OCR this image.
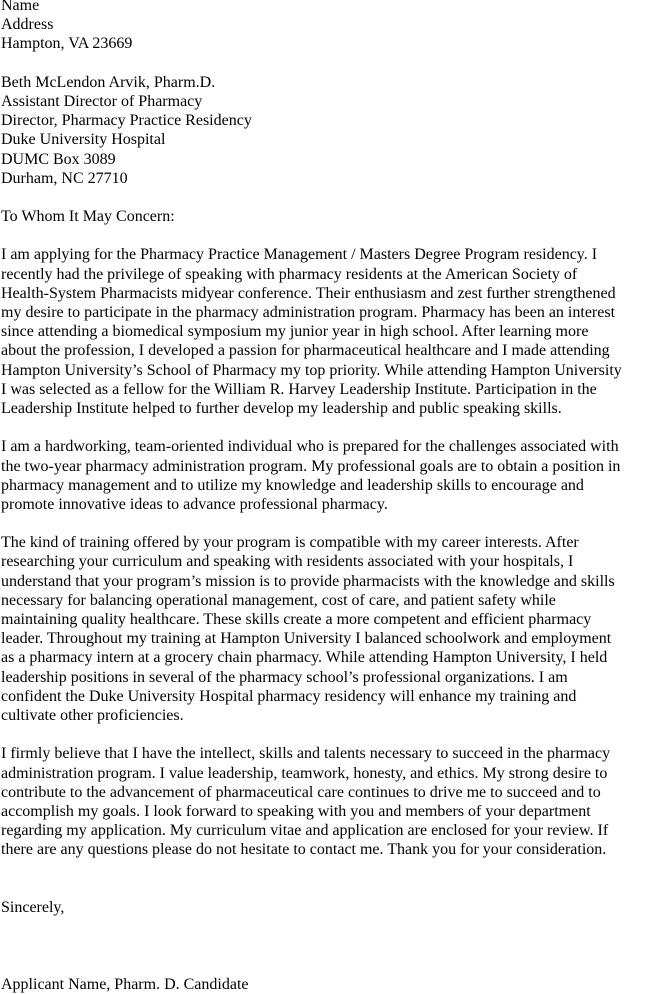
Name
Address
Hampton, VA 23669
Beth McLendon Arvik, Pharm.D.
Assistant Director of Pharmacy
Director, Pharmacy Practice Residency
Duke University Hospital
DUMC Box 3089
Durham, NC 27710
To Whom It May Concern:
I am applying for the Pharmacy Practice Management / Masters Degree Program residency. I
recently had the privilege of speaking with pharmacy residents at the American Society of
Health-System Pharmacists midyear conference. Their enthusiasm and zest further strengthened
my desire to participate in the pharmacy administration program. Pharmacy has been an interest
since attending a biomedical symposium my junior year in high school. After learning more
about the profession, I developed a passion for pharmaceutical healthcare and I made attending
Hampton University’s School of Pharmacy my top priority. While attending Hampton University
I was selected as a fellow for the William R. Harvey Leadership Institute. Participation in the
Leadership Institute helped to further develop my leadership and public speaking skills.
I am a hardworking, team-oriented individual who is prepared for the challenges associated with
the two-year pharmacy administration program. My professional goals are to obtain a position in
pharmacy management and to utilize my knowledge and leadership skills to encourage and
promote innovative ideas to advance professional pharmacy.
The kind of training offered by your program is compatible with my career interests. After
researching your curriculum and speaking with residents associated with your hospitals, I
understand that your program’s mission is to provide pharmacists with the knowledge and skills
necessary for balancing operational management, cost of care, and patient safety while
maintaining quality healthcare. These skills create a more competent and efficient pharmacy
leader. Throughout my training at Hampton University I balanced schoolwork and employment
as a pharmacy intern at a grocery chain pharmacy. While attending Hampton University, I held
leadership positions in several of the pharmacy school’s professional organizations. I am
confident the Duke University Hospital pharmacy residency will enhance my training and
cultivate other proficiencies.
I firmly believe that I have the intellect, skills and talents necessary to succeed in the pharmacy
administration program. I value leadership, teamwork, honesty, and ethics. My strong desire to
contribute to the advancement of pharmaceutical care continues to drive me to succeed and to
accomplish my goals. I look forward to speaking with you and members of your department
regarding my application. My curriculum vitae and application are enclosed for your review. If
there are any questions please do not hesitate to contact me. Thank you for your consideration.
Sincerely,
Applicant Name, Pharm. D. Candidate
